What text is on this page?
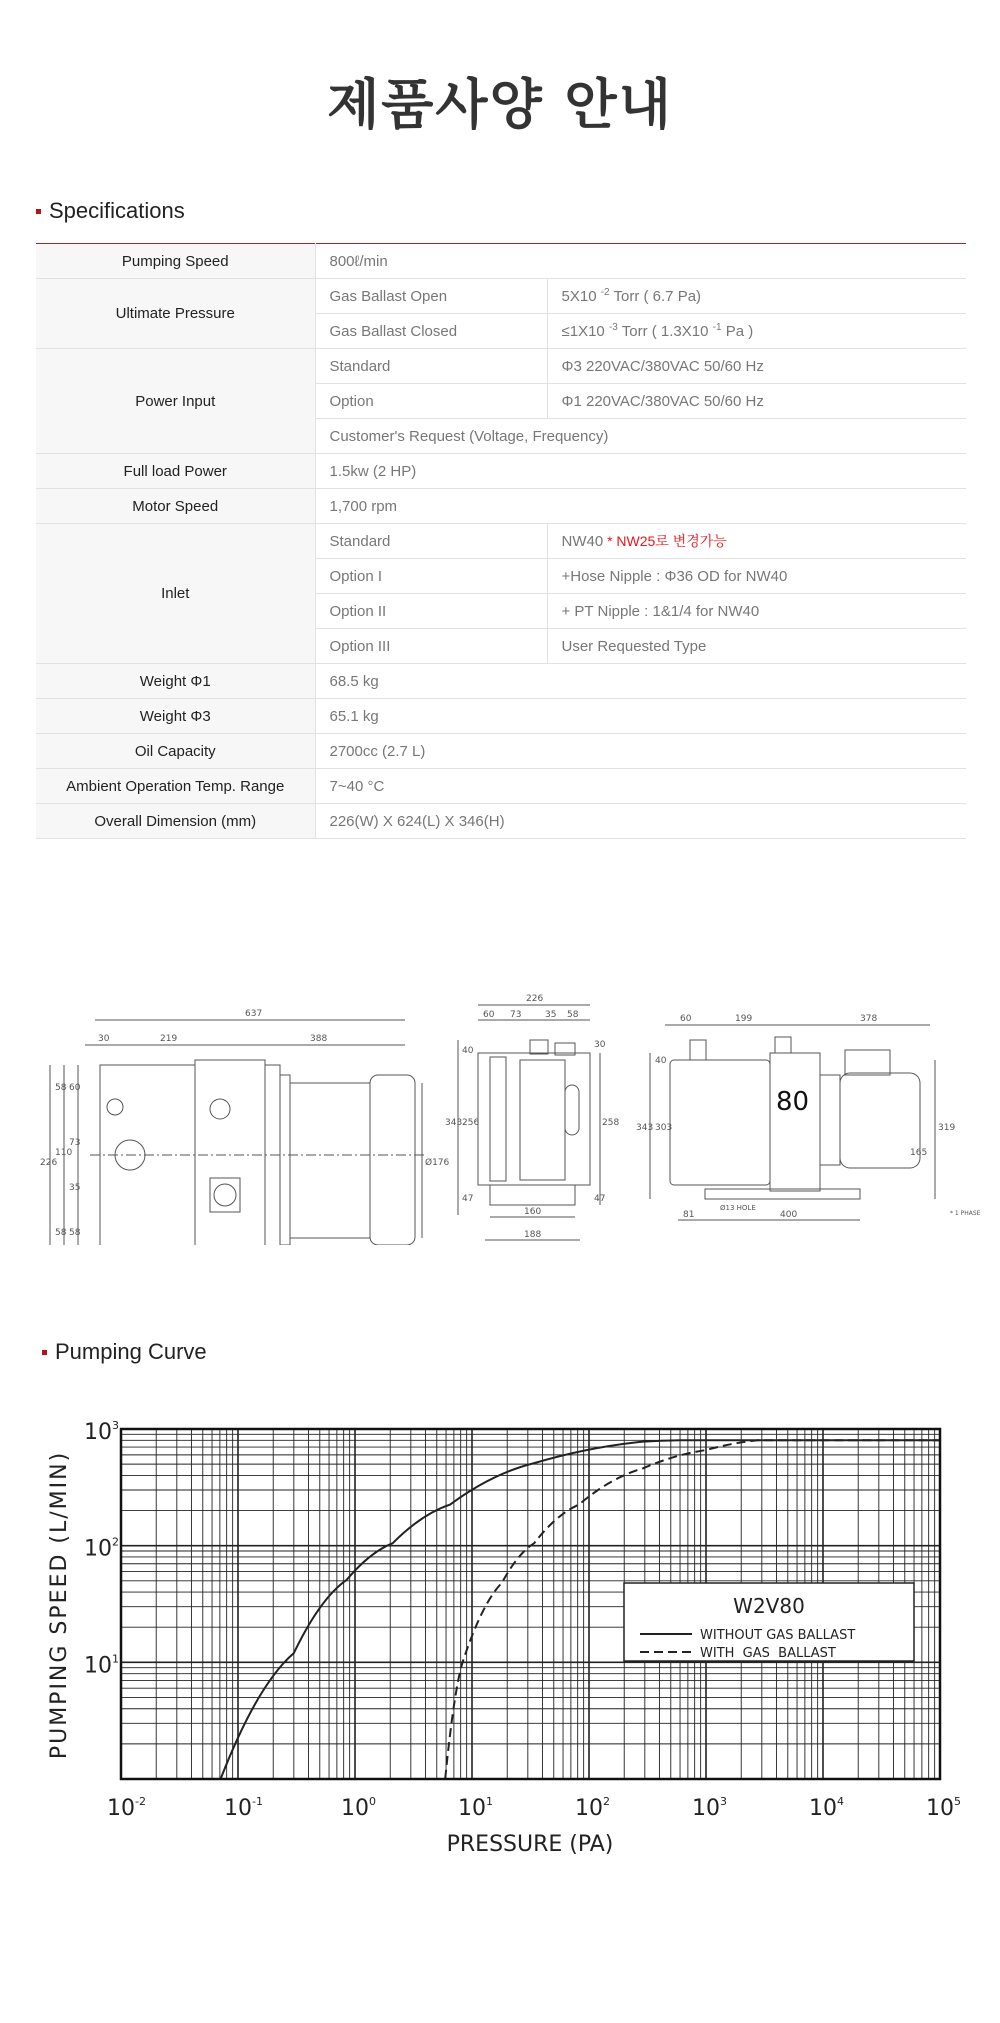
제품사양 안내
Specifications
Pumping Speed	800ℓ/min	
Ultimate Pressure	Gas Ballast Open	5X10 $^{-2}$ Torr ( 6.7 Pa)
	Gas Ballast Closed	≤1X10 $^{-3}$ Torr ( 1.3X10 $^{-1}$ Pa )
Power Input	Standard	Φ3 220VAC/380VAC 50/60 Hz
	Option	Φ1 220VAC/380VAC 50/60 Hz
	Customer's Request (Voltage, Frequency)	
Full load Power	1.5kw (2 HP)	
Motor Speed	1,700 rpm	
Inlet	Standard	NW40 * NW25로 변경가능
	Option I	+Hose Nipple : Φ36 OD for NW40
	Option II	+ PT Nipple : 1&1/4 for NW40
	Option III	User Requested Type
Weight Φ1	68.5 kg	
Weight Φ3	65.1 kg	
Oil Capacity	2700cc (2.7 L)	
Ambient Operation Temp. Range	7~40 °C	
Overall Dimension (mm)	226(W) X 624(L) X 346(H)	
637
30	219	388
226
58 60
110
73
35
58 58
Ø176
226
60 73	35 58
40
30
343 256	258
47	47
160
188
60	199	378
40
343 303	319
165
Ø13 HOLE
81	400	* 1 PHASE
80
Pumping Curve
$10^{-2}$	$10^{-1}$	$10^0$	$10^1$	$10^2$	$10^3$	$10^4$	$10^5$
$10^3$
$10^2$
$10^1$
PRESSURE (PA)
PUMPING SPEED (L/MIN)	W2V80
WITHOUT GAS BALLAST
WITH  GAS  BALLAST
